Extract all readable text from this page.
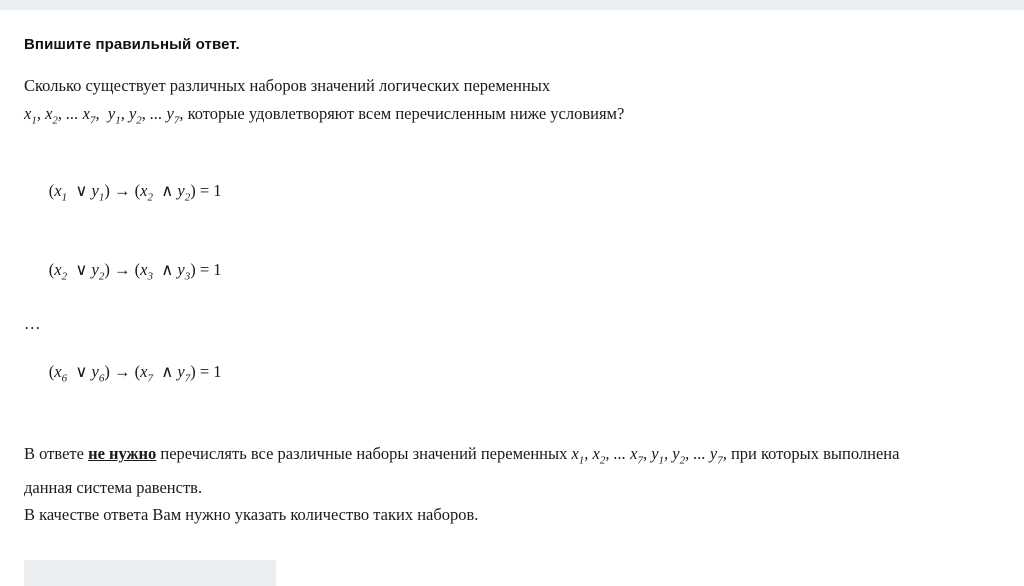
Впишите правильный ответ.
Сколько существует различных наборов значений логических переменных
$x_1$, $x_2$, ... $x_7$,  $y_1$, $y_2$, ... $y_7$, которые удовлетворяют всем перечисленным ниже условиям?

($x_1$  ∨ $y_1) \to (x_2$  ∧ $y_2) = 1$

($x_2$  ∨ $y_2) \to (x_3$  ∧ $y_3) = 1$

…

($x_6$  ∨ $y_6) \to (x_7$  ∧ $y_7) = 1$

В ответе не нужно перечислять все различные наборы значений переменных $x_1$, $x_2$, ... $x_7$, $y_1$, $y_2$, ... $y_7$, при которых выполнена
данная система равенств.
В качестве ответа Вам нужно указать количество таких наборов.
